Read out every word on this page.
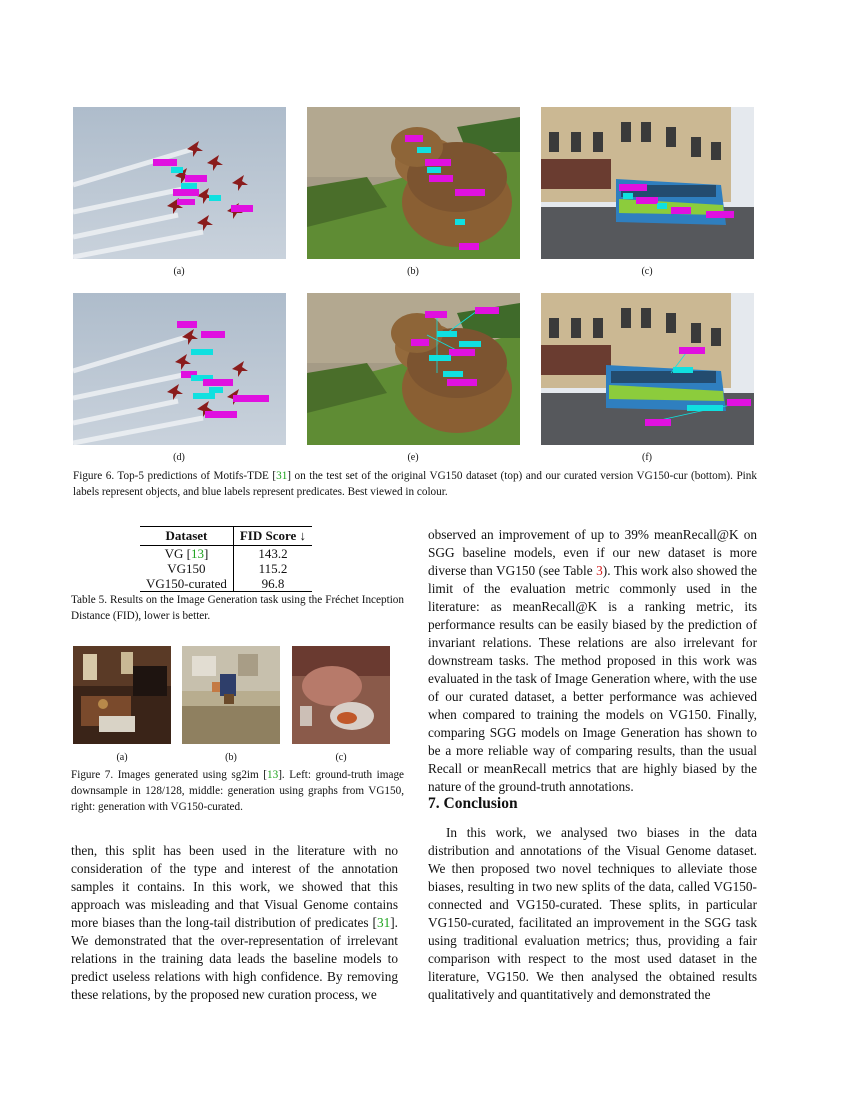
(a)	(b)	(c)
(d)	(e)	(f)
Figure 6. Top-5 predictions of Motifs-TDE [31] on the test set of the original VG150 dataset (top) and our curated version VG150-cur (bottom). Pink labels represent objects, and blue labels represent predicates. Best viewed in colour.
Dataset	FID Score ↓
VG [13]	143.2
VG150	115.2
VG150-curated	96.8
Table 5. Results on the Image Generation task using the Fréchet Inception Distance (FID), lower is better.
(a)	(b)	(c)
Figure 7. Images generated using sg2im [13]. Left: ground-truth image downsample in 128/128, middle: generation using graphs from VG150, right: generation with VG150-curated.

then, this split has been used in the literature with no consideration of the type and interest of the annotation samples it contains. In this work, we showed that this approach was misleading and that Visual Genome contains more biases than the long-tail distribution of predicates [31]. We demonstrated that the over-representation of irrelevant relations in the training data leads the baseline models to predict useless relations with high confidence. By removing these relations, by the proposed new curation process, we

observed an improvement of up to 39% meanRecall@K on SGG baseline models, even if our new dataset is more diverse than VG150 (see Table 3). This work also showed the limit of the evaluation metric commonly used in the literature: as meanRecall@K is a ranking metric, its performance results can be easily biased by the prediction of invariant relations. These relations are also irrelevant for downstream tasks. The method proposed in this work was evaluated in the task of Image Generation where, with the use of our curated dataset, a better performance was achieved when compared to training the models on VG150. Finally, comparing SGG models on Image Generation has shown to be a more reliable way of comparing results, than the usual Recall or meanRecall metrics that are highly biased by the nature of the ground-truth annotations.

7. Conclusion

In this work, we analysed two biases in the data distribution and annotations of the Visual Genome dataset. We then proposed two novel techniques to alleviate those biases, resulting in two new splits of the data, called VG150-connected and VG150-curated. These splits, in particular VG150-curated, facilitated an improvement in the SGG task using traditional evaluation metrics; thus, providing a fair comparison with respect to the most used dataset in the literature, VG150. We then analysed the obtained results qualitatively and quantitatively and demonstrated the
